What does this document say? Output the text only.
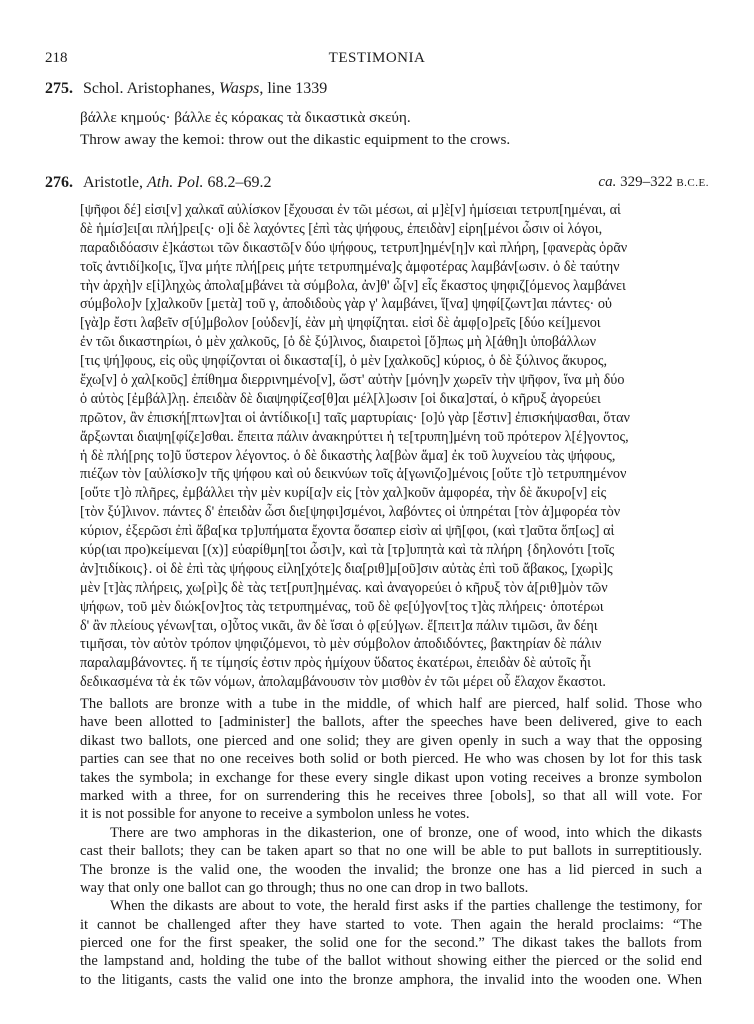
218	TESTIMONIA
275. Schol. Aristophanes, Wasps, line 1339
βάλλε κημούς· βάλλε ἐς κόρακας τὰ δικαστικὰ σκεύη.
Throw away the kemoi: throw out the dikastic equipment to the crows.
276. Aristotle, Ath. Pol. 68.2–69.2	ca. 329–322 B.C.E.
[ψῆφοι δέ] εἰσι[ν] χαλκαῖ αὐλίσκον [ἔχουσαι ἐν τῶι μέσωι, αἱ μ]ὲ[ν] ἡμίσειαι τετρυπ[ημέναι, αἱ
δὲ ἡμίσ]ει[αι πλή]ρει[ς· ο]ἱ δὲ λαχόντες [ἐπὶ τὰς ψήφους, ἐπειδὰν] εἰρη[μένοι ὦσιν οἱ λόγοι,
παραδιδόασιν ἑ]κάστωι τῶν δικαστῶ[ν δύο ψήφους, τετρυπ]ημέν[η]ν καὶ πλήρη, [φανερὰς ὁρᾶν
τοῖς ἀντιδί]κο[ις, ἵ]να μήτε πλή[ρεις μήτε τετρυπημένα]ς ἀμφοτέρας λαμβάν[ωσιν. ὁ δὲ ταύτην
τὴν ἀρχὴ]ν ε[ἰ]ληχὼς ἀπολα[μβάνει τὰ σύμβολα, ἀν]θ' ὧ[ν] εἷς ἕκαστος ψηφιζ[όμενος λαμβάνει
σύμβολο]ν [χ]αλκοῦν [μετὰ] τοῦ γ, ἀποδιδοὺς γὰρ γ' λαμβάνει, ἵ[να] ψηφί[ζωντ]αι πάντες· οὐ
[γὰ]ρ ἔστι λαβεῖν σ[ύ]μβολον [οὐδεν]ί, ἐὰν μὴ ψηφίζηται. εἰσὶ δὲ ἀμφ[ο]ρεῖς [δύο κεί]μενοι
ἐν τῶι δικαστηρίωι, ὁ μὲν χαλκοῦς, [ὁ δὲ ξύ]λινος, διαιρετοὶ [ὅ]πως μὴ λ[άθη]ι ὑποβάλλων
[τις ψή]φους, εἰς οὓς ψηφίζονται οἱ δικαστα[ί], ὁ μὲν [χαλκοῦς] κύριος, ὁ δὲ ξύλινος ἄκυρος,
ἔχω[ν] ὁ χαλ[κοῦς] ἐπίθημα διερρινημένο[ν], ὥστ' αὐτὴν [μόνη]ν χωρεῖν τὴν ψῆφον, ἵνα μὴ δύο
ὁ αὐτὸς [ἐμβάλ]λῃ. ἐπειδὰν δὲ διαψηφίζεσ[θ]αι μέλ[λ]ωσιν [οἱ δικα]σταί, ὁ κῆρυξ ἀγορεύει
πρῶτον, ἂν ἐπισκή[πτων]ται οἱ ἀντίδικο[ι] ταῖς μαρτυρίαις· [ο]ὐ γὰρ [ἔστιν] ἐπισκήψασθαι, ὅταν
ἄρξωνται διαψη[φίζε]σθαι. ἔπειτα πάλιν ἀνακηρύττει ἡ τε[τρυπη]μένη τοῦ πρότερον λ[έ]γοντος,
ἡ δὲ πλή[ρης το]ῦ ὕστερον λέγοντος. ὁ δὲ δικαστὴς λα[βὼν ἅμα] ἐκ τοῦ λυχνείου τὰς ψήφους,
πιέζων τὸν [αὐλίσκο]ν τῆς ψήφου καὶ οὐ δεικνύων τοῖς ἀ[γωνιζο]μένοις [οὔτε τ]ὸ τετρυπημένον
[οὔτε τ]ὸ πλῆρες, ἐμβάλλει τὴν μὲν κυρί[α]ν εἰς [τὸν χαλ]κοῦν ἀμφορέα, τὴν δὲ ἄκυρο[ν] εἰς
[τὸν ξύ]λινον. πάντες δ' ἐπειδὰν ὦσι διε[ψηφι]σμένοι, λαβόντες οἱ ὑπηρέται [τὸν ἀ]μφορέα τὸν
κύριον, ἐξερῶσι ἐπὶ ἄβα[κα τρ]υπήματα ἔχοντα ὅσαπερ εἰσὶν αἱ ψῆ[φοι, (καὶ τ]αῦτα ὅπ[ως] αἱ
κύρ(ιαι προ)κείμεναι [(x)] εὐαρίθμη[τοι ὦσι]ν, καὶ τὰ [τρ]υπητὰ καὶ τὰ πλήρη {δηλονότι [τοῖς
ἀν]τιδίκοις}. οἱ δὲ ἐπὶ τὰς ψήφους εἰλη[χότε]ς δια[ριθ]μ[οῦ]σιν αὐτὰς ἐπὶ τοῦ ἄβακος, [χωρὶ]ς
μὲν [τ]ὰς πλήρεις, χω[ρὶ]ς δὲ τὰς τετ[ρυπ]ημένας. καὶ ἀναγορεύει ὁ κῆρυξ τὸν ἀ[ριθ]μὸν τῶν
ψήφων, τοῦ μὲν διώκ[ον]τος τὰς τετρυπημένας, τοῦ δὲ φε[ύ]γον[τος τ]ὰς πλήρεις· ὁποτέρωι
δ' ἂν πλείους γένων[ται, ο]ὗτος νικᾶι, ἂν δὲ ἴσαι ὁ φ[εύ]γων. ἔ[πειτ]α πάλιν τιμῶσι, ἂν δέηι
τιμῆσαι, τὸν αὐτὸν τρόπον ψηφιζόμενοι, τὸ μὲν σύμβολον ἀποδιδόντες, βακτηρίαν δὲ πάλιν
παραλαμβάνοντες. ἥ τε τίμησίς ἐστιν πρὸς ἡμίχουν ὕδατος ἑκατέρωι, ἐπειδὰν δὲ αὐτοῖς ἦι
δεδικασμένα τὰ ἐκ τῶν νόμων, ἀπολαμβάνουσιν τὸν μισθὸν ἐν τῶι μέρει οὗ ἔλαχον ἕκαστοι.
The ballots are bronze with a tube in the middle, of which half are pierced, half solid. Those who
have been allotted to [administer] the ballots, after the speeches have been delivered, give to each
dikast two ballots, one pierced and one solid; they are given openly in such a way that the opposing
parties can see that no one receives both solid or both pierced. He who was chosen by lot for this task
takes the symbola; in exchange for these every single dikast upon voting receives a bronze symbolon
marked with a three, for on surrendering this he receives three [obols], so that all will vote. For
it is not possible for anyone to receive a symbolon unless he votes.
There are two amphoras in the dikasterion, one of bronze, one of wood, into which the dikasts
cast their ballots; they can be taken apart so that no one will be able to put ballots in surreptitiously.
The bronze is the valid one, the wooden the invalid; the bronze one has a lid pierced in such a
way that only one ballot can go through; thus no one can drop in two ballots.
When the dikasts are about to vote, the herald first asks if the parties challenge the testimony, for
it cannot be challenged after they have started to vote. Then again the herald proclaims: “The
pierced one for the first speaker, the solid one for the second.” The dikast takes the ballots from
the lampstand and, holding the tube of the ballot without showing either the pierced or the solid end
to the litigants, casts the valid one into the bronze amphora, the invalid into the wooden one. When
